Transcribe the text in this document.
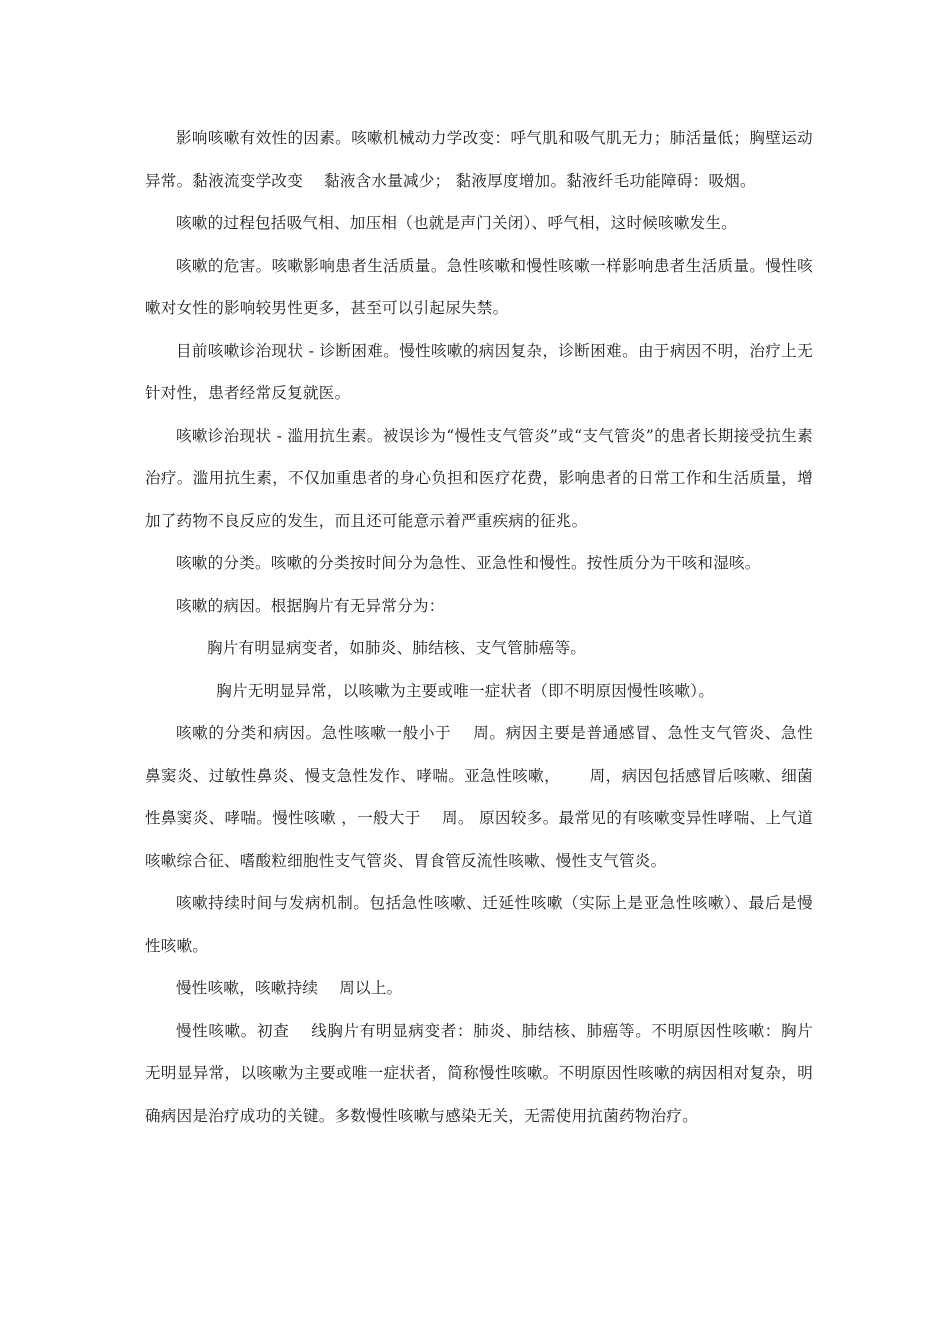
影响咳嗽有效性的因素。咳嗽机械动力学改变：呼气肌和吸气肌无力；肺活量低；胸壁运动异常。黏液流变学改变　 黏液含水量减少； 黏液厚度增加。黏液纤毛功能障碍：吸烟。

咳嗽的过程包括吸气相、加压相（也就是声门关闭）、呼气相，这时候咳嗽发生。

咳嗽的危害。咳嗽影响患者生活质量。急性咳嗽和慢性咳嗽一样影响患者生活质量。慢性咳嗽对女性的影响较男性更多，甚至可以引起尿失禁。

目前咳嗽诊治现状 - 诊断困难。慢性咳嗽的病因复杂，诊断困难。由于病因不明，治疗上无针对性，患者经常反复就医。

咳嗽诊治现状 - 滥用抗生素。被误诊为“慢性支气管炎”或“支气管炎”的患者长期接受抗生素治疗。滥用抗生素，不仅加重患者的身心负担和医疗花费，影响患者的日常工作和生活质量，增加了药物不良反应的发生，而且还可能意示着严重疾病的征兆。

咳嗽的分类。咳嗽的分类按时间分为急性、亚急性和慢性。按性质分为干咳和湿咳。

咳嗽的病因。根据胸片有无异常分为：

胸片有明显病变者，如肺炎、肺结核、支气管肺癌等。

胸片无明显异常，以咳嗽为主要或唯一症状者（即不明原因慢性咳嗽）。

咳嗽的分类和病因。急性咳嗽一般小于　 周。病因主要是普通感冒、急性支气管炎、急性鼻窦炎、过敏性鼻炎、慢支急性发作、哮喘。亚急性咳嗽，　　 周，病因包括感冒后咳嗽、细菌性鼻窦炎、哮喘。慢性咳嗽 ，一般大于　 周。 原因较多。最常见的有咳嗽变异性哮喘、上气道咳嗽综合征、嗜酸粒细胞性支气管炎、胃食管反流性咳嗽、慢性支气管炎。

咳嗽持续时间与发病机制。包括急性咳嗽、迁延性咳嗽（实际上是亚急性咳嗽）、最后是慢性咳嗽。

慢性咳嗽，咳嗽持续　 周以上。

慢性咳嗽。初查　 线胸片有明显病变者：肺炎、肺结核、肺癌等。不明原因性咳嗽：胸片无明显异常，以咳嗽为主要或唯一症状者，简称慢性咳嗽。不明原因性咳嗽的病因相对复杂，明确病因是治疗成功的关键。多数慢性咳嗽与感染无关，无需使用抗菌药物治疗。
